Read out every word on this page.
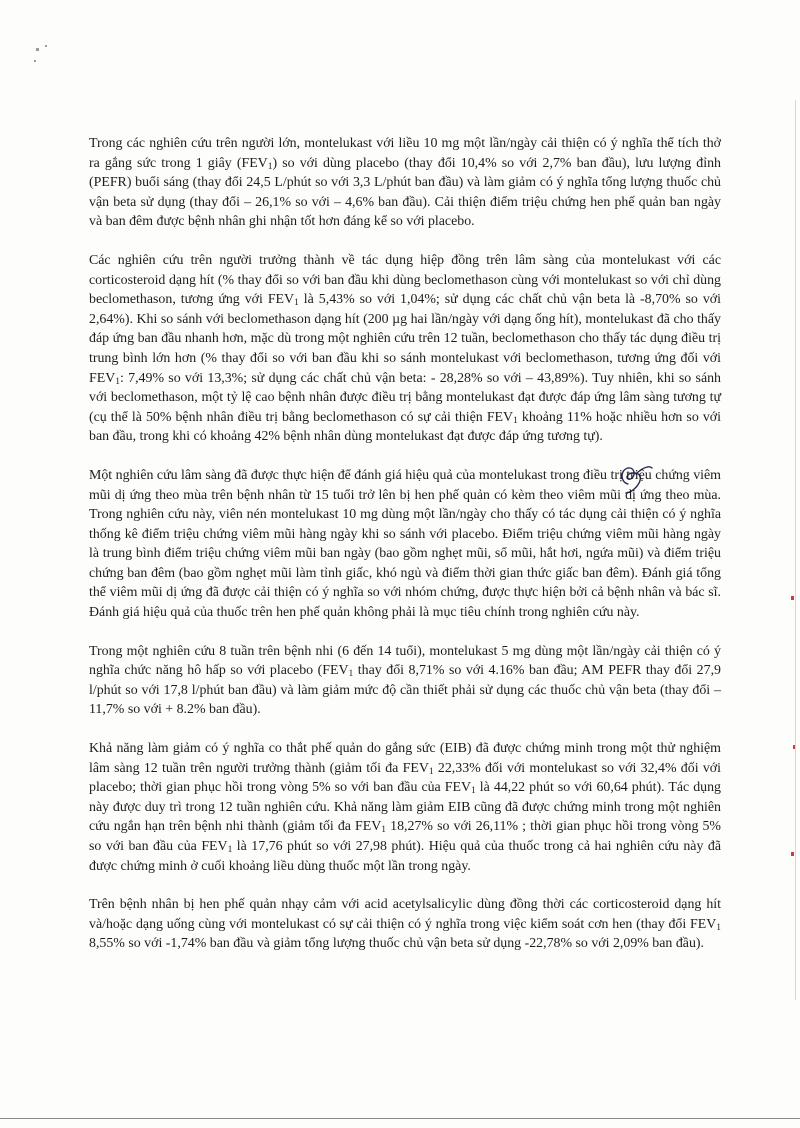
Trong các nghiên cứu trên người lớn, montelukast với liều 10 mg một lần/ngày cải thiện có ý nghĩa thể tích thở ra gắng sức trong 1 giây $(FEV_1)$ so với dùng placebo (thay đổi 10,4% so với 2,7% ban đầu), lưu lượng đỉnh (PEFR) buổi sáng (thay đổi 24,5 L/phút so với 3,3 L/phút ban đầu) và làm giảm có ý nghĩa tổng lượng thuốc chủ vận beta sử dụng (thay đổi – 26,1% so với – 4,6% ban đầu). Cải thiện điểm triệu chứng hen phế quản ban ngày và ban đêm được bệnh nhân ghi nhận tốt hơn đáng kể so với placebo.

Các nghiên cứu trên người trưởng thành về tác dụng hiệp đồng trên lâm sàng của montelukast với các corticosteroid dạng hít (% thay đổi so với ban đầu khi dùng beclomethason cùng với montelukast so với chỉ dùng beclomethason, tương ứng với $FEV_1$ là 5,43% so với 1,04%; sử dụng các chất chủ vận beta là -8,70% so với 2,64%). Khi so sánh với beclomethason dạng hít (200 µg hai lần/ngày với dạng ống hít), montelukast đã cho thấy đáp ứng ban đầu nhanh hơn, mặc dù trong một nghiên cứu trên 12 tuần, beclomethason cho thấy tác dụng điều trị trung bình lớn hơn (% thay đổi so với ban đầu khi so sánh montelukast với beclomethason, tương ứng đối với $FEV_1$: 7,49% so với 13,3%; sử dụng các chất chủ vận beta: - 28,28% so với – 43,89%). Tuy nhiên, khi so sánh với beclomethason, một tỷ lệ cao bệnh nhân được điều trị bằng montelukast đạt được đáp ứng lâm sàng tương tự (cụ thể là 50% bệnh nhân điều trị bằng beclomethason có sự cải thiện $FEV_1$ khoảng 11% hoặc nhiều hơn so với ban đầu, trong khi có khoảng 42% bệnh nhân dùng montelukast đạt được đáp ứng tương tự).

Một nghiên cứu lâm sàng đã được thực hiện để đánh giá hiệu quả của montelukast trong điều trị triệu chứng viêm mũi dị ứng theo mùa trên bệnh nhân từ 15 tuổi trở lên bị hen phế quản có kèm theo viêm mũi dị ứng theo mùa. Trong nghiên cứu này, viên nén montelukast 10 mg dùng một lần/ngày cho thấy có tác dụng cải thiện có ý nghĩa thống kê điểm triệu chứng viêm mũi hàng ngày khi so sánh với placebo. Điểm triệu chứng viêm mũi hàng ngày là trung bình điểm triệu chứng viêm mũi ban ngày (bao gồm nghẹt mũi, sổ mũi, hắt hơi, ngứa mũi) và điểm triệu chứng ban đêm (bao gồm nghẹt mũi làm tỉnh giấc, khó ngủ và điểm thời gian thức giấc ban đêm). Đánh giá tổng thể viêm mũi dị ứng đã được cải thiện có ý nghĩa so với nhóm chứng, được thực hiện bởi cả bệnh nhân và bác sĩ. Đánh giá hiệu quả của thuốc trên hen phế quản không phải là mục tiêu chính trong nghiên cứu này.

Trong một nghiên cứu 8 tuần trên bệnh nhi (6 đến 14 tuổi), montelukast 5 mg dùng một lần/ngày cải thiện có ý nghĩa chức năng hô hấp so với placebo ($FEV_1$ thay đổi 8,71% so với 4.16% ban đầu; AM PEFR thay đổi 27,9 l/phút so với 17,8 l/phút ban đầu) và làm giảm mức độ cần thiết phải sử dụng các thuốc chủ vận beta (thay đổi – 11,7% so với + 8.2% ban đầu).

Khả năng làm giảm có ý nghĩa co thắt phế quản do gắng sức (EIB) đã được chứng minh trong một thử nghiệm lâm sàng 12 tuần trên người trưởng thành (giảm tối đa $FEV_1$ 22,33% đối với montelukast so với 32,4% đối với placebo; thời gian phục hồi trong vòng 5% so với ban đầu của $FEV_1$ là 44,22 phút so với 60,64 phút). Tác dụng này được duy trì trong 12 tuần nghiên cứu. Khả năng làm giảm EIB cũng đã được chứng minh trong một nghiên cứu ngắn hạn trên bệnh nhi thành (giảm tối đa $FEV_1$ 18,27% so với 26,11% ; thời gian phục hồi trong vòng 5% so với ban đầu của $FEV_1$ là 17,76 phút so với 27,98 phút). Hiệu quả của thuốc trong cả hai nghiên cứu này đã được chứng minh ở cuối khoảng liều dùng thuốc một lần trong ngày.

Trên bệnh nhân bị hen phế quản nhạy cảm với acid acetylsalicylic dùng đồng thời các corticosteroid dạng hít và/hoặc dạng uống cùng với montelukast có sự cải thiện có ý nghĩa trong việc kiểm soát cơn hen (thay đổi $FEV_1$ 8,55% so với -1,74% ban đầu và giảm tổng lượng thuốc chủ vận beta sử dụng -22,78% so với 2,09% ban đầu).
